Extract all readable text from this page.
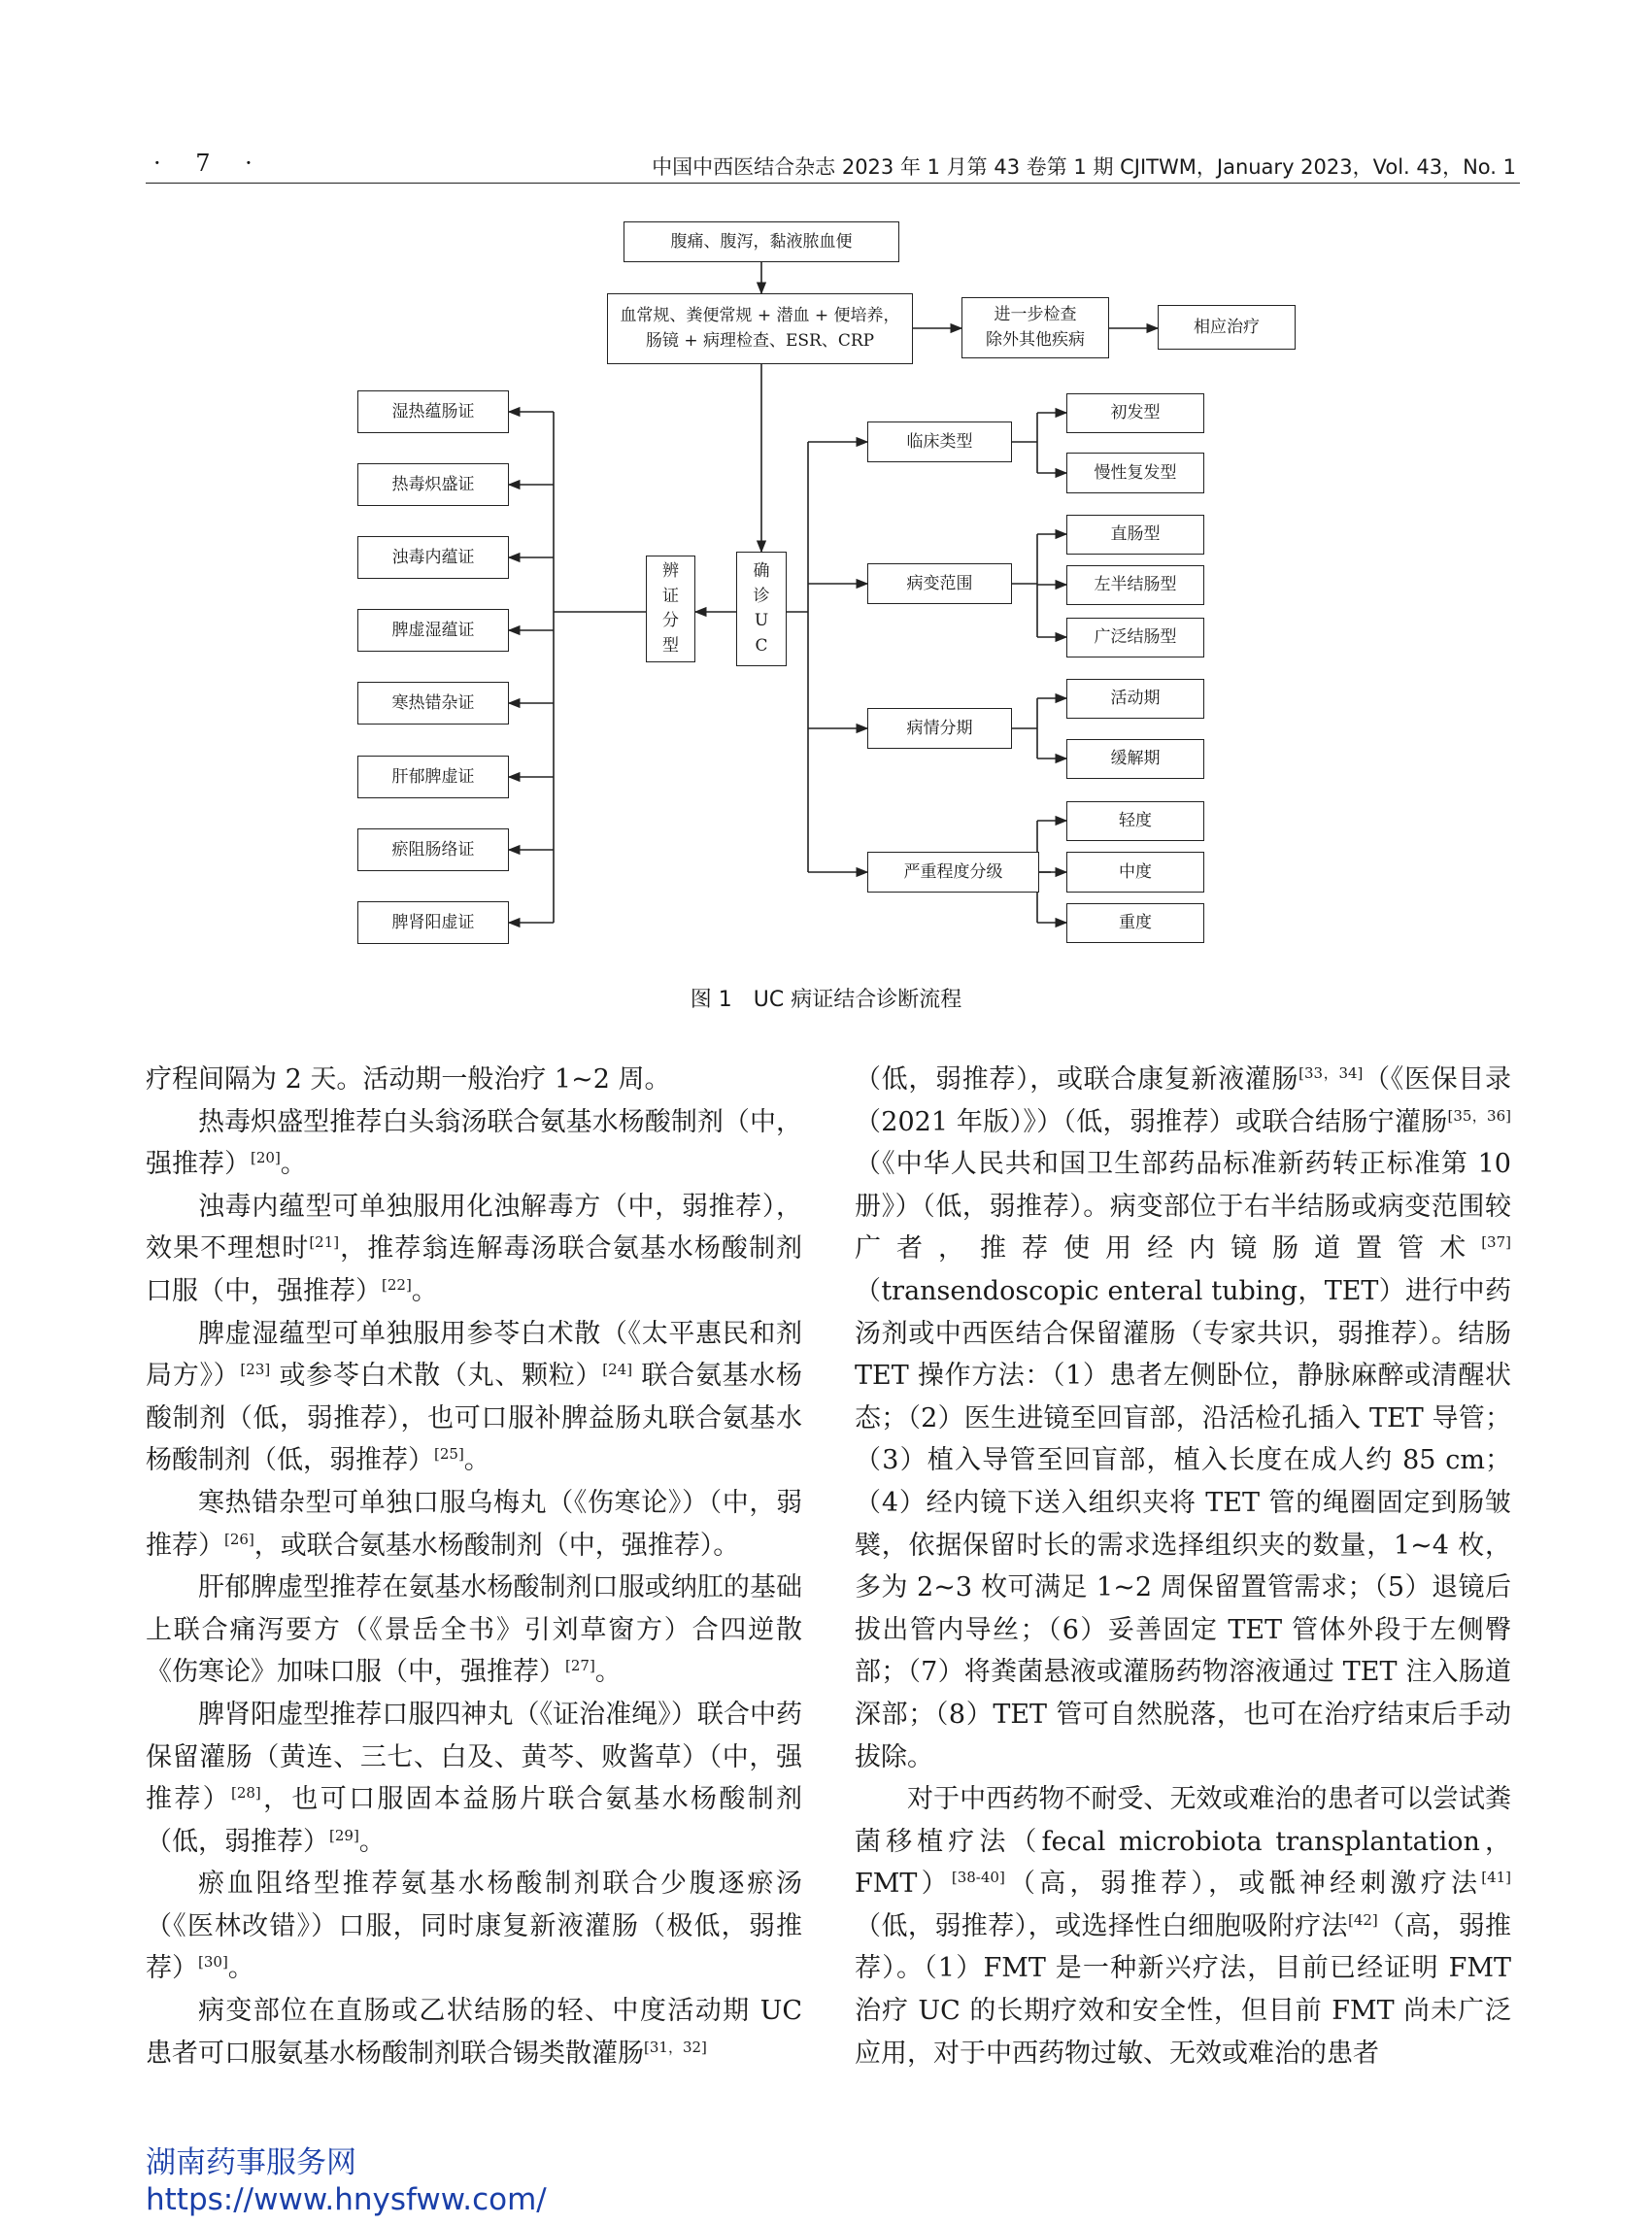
· 7 ·	中国中西医结合杂志 2023 年 1 月第 43 卷第 1 期 CJITWM，January 2023，Vol. 43，No. 1
腹痛、腹泻，黏液脓血便
血常规、粪便常规 + 潜血 + 便培养，
肠镜 + 病理检查、ESR、CRP
进一步检查
除外其他疾病
相应治疗
确
诊
U
C
辨
证
分
型
湿热蕴肠证
热毒炽盛证
浊毒内蕴证
脾虚湿蕴证
寒热错杂证
肝郁脾虚证
瘀阻肠络证
脾肾阳虚证
临床类型
病变范围
病情分期
严重程度分级
初发型
慢性复发型
直肠型
左半结肠型
广泛结肠型
活动期
缓解期
轻度
中度
重度
图 1　UC 病证结合诊断流程

疗程间隔为 2 天。活动期一般治疗 1~2 周。

热毒炽盛型推荐白头翁汤联合氨基水杨酸制剂（中，强推荐）[20]。

浊毒内蕴型可单独服用化浊解毒方（中，弱推荐），效果不理想时[21]，推荐翁连解毒汤联合氨基水杨酸制剂口服（中，强推荐）[22]。

脾虚湿蕴型可单独服用参苓白术散（《太平惠民和剂局方》）[23] 或参苓白术散（丸、颗粒）[24] 联合氨基水杨酸制剂（低，弱推荐），也可口服补脾益肠丸联合氨基水杨酸制剂（低，弱推荐）[25]。

寒热错杂型可单独口服乌梅丸（《伤寒论》）（中，弱推荐）[26]，或联合氨基水杨酸制剂（中，强推荐）。

肝郁脾虚型推荐在氨基水杨酸制剂口服或纳肛的基础上联合痛泻要方（《景岳全书》引刘草窗方）合四逆散《伤寒论》加味口服（中，强推荐）[27]。

脾肾阳虚型推荐口服四神丸（《证治准绳》）联合中药保留灌肠（黄连、三七、白及、黄芩、败酱草）（中，强推荐）[28]，也可口服固本益肠片联合氨基水杨酸制剂（低，弱推荐）[29]。

瘀血阻络型推荐氨基水杨酸制剂联合少腹逐瘀汤（《医林改错》）口服，同时康复新液灌肠（极低，弱推荐）[30]。

病变部位在直肠或乙状结肠的轻、中度活动期 UC 患者可口服氨基水杨酸制剂联合锡类散灌肠[31，32]

（低，弱推荐），或联合康复新液灌肠[33，34]（《医保目录（2021 年版）》）（低，弱推荐）或联合结肠宁灌肠[35，36]（《中华人民共和国卫生部药品标准新药转正标准第 10 册》）（低，弱推荐）。病变部位于右半结肠或病变范围较广者，推荐使用经内镜肠道置管术[37]（transendoscopic enteral tubing，TET）进行中药汤剂或中西医结合保留灌肠（专家共识，弱推荐）。结肠 TET 操作方法：（1）患者左侧卧位，静脉麻醉或清醒状态；（2）医生进镜至回盲部，沿活检孔插入 TET 导管；（3）植入导管至回盲部，植入长度在成人约 85 cm；（4）经内镜下送入组织夹将 TET 管的绳圈固定到肠皱襞，依据保留时长的需求选择组织夹的数量，1~4 枚，多为 2~3 枚可满足 1~2 周保留置管需求；（5）退镜后拔出管内导丝；（6）妥善固定 TET 管体外段于左侧臀部；（7）将粪菌悬液或灌肠药物溶液通过 TET 注入肠道深部；（8）TET 管可自然脱落，也可在治疗结束后手动拔除。

对于中西药物不耐受、无效或难治的患者可以尝试粪菌移植疗法（fecal microbiota transplantation，FMT）[38-40]（高，弱推荐），或骶神经刺激疗法[41]（低，弱推荐），或选择性白细胞吸附疗法[42]（高，弱推荐）。（1）FMT 是一种新兴疗法，目前已经证明 FMT 治疗 UC 的长期疗效和安全性，但目前 FMT 尚未广泛应用，对于中西药物过敏、无效或难治的患者

湖南药事服务网
https://www.hnysfww.com/
